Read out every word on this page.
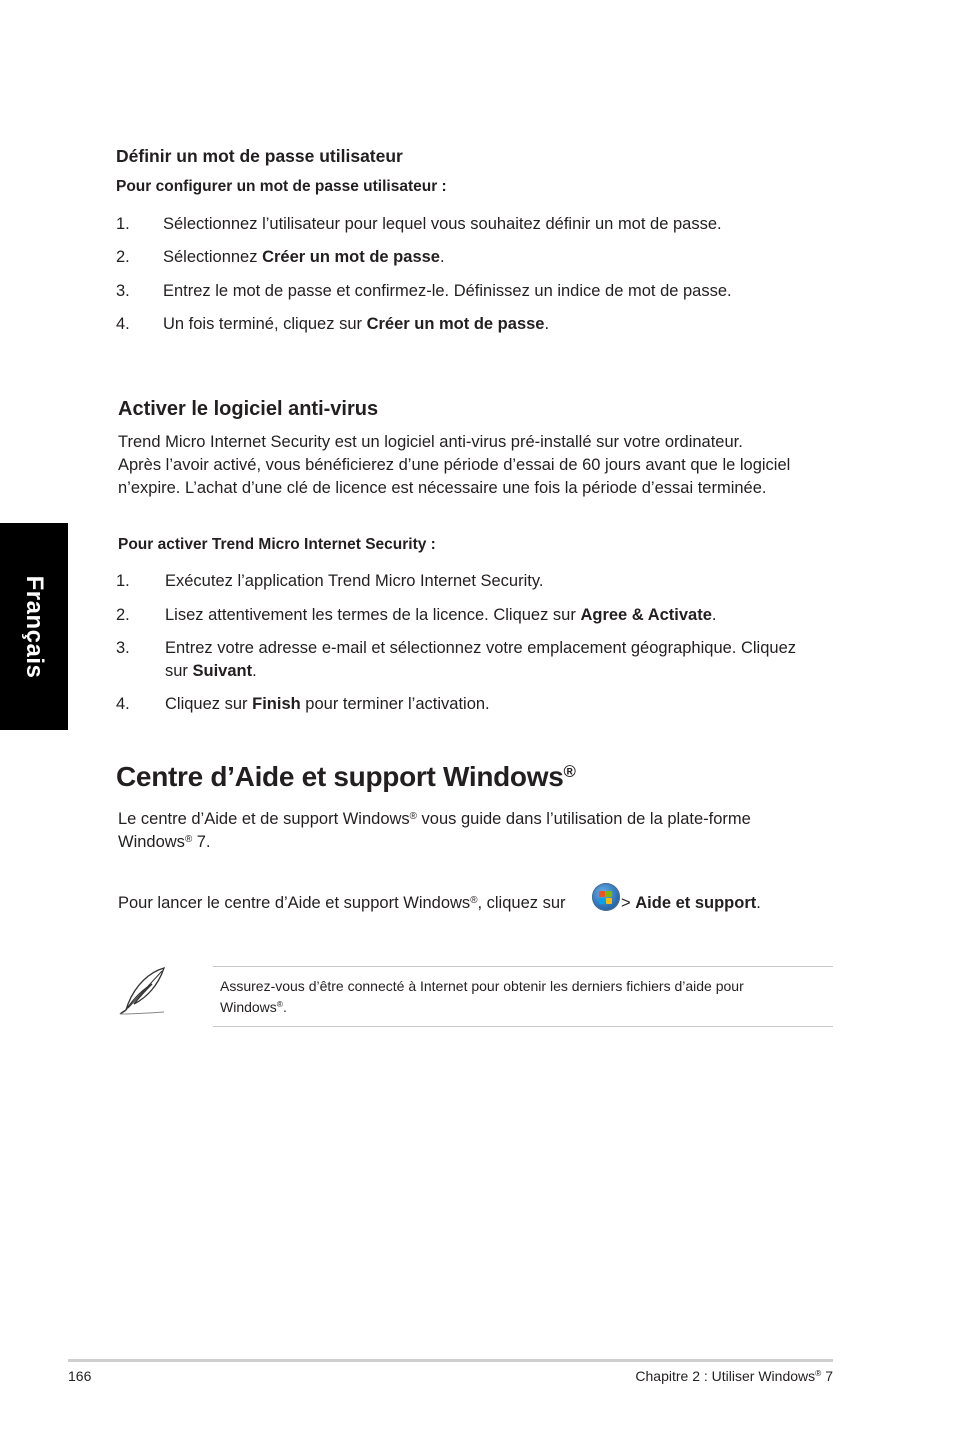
Définir un mot de passe utilisateur
Pour configurer un mot de passe utilisateur :
1. Sélectionnez l’utilisateur pour lequel vous souhaitez définir un mot de passe.
2. Sélectionnez Créer un mot de passe.
3. Entrez le mot de passe et confirmez-le. Définissez un indice de mot de passe.
4. Un fois terminé, cliquez sur Créer un mot de passe.
Activer le logiciel anti-virus
Trend Micro Internet Security est un logiciel anti-virus pré-installé sur votre ordinateur.
Après l’avoir activé, vous bénéficierez d’une période d’essai de 60 jours avant que le logiciel
n’expire. L’achat d’une clé de licence est nécessaire une fois la période d’essai terminée.
Pour activer Trend Micro Internet Security :
1. Exécutez l’application Trend Micro Internet Security.
2. Lisez attentivement les termes de la licence. Cliquez sur Agree & Activate.
3. Entrez votre adresse e-mail et sélectionnez votre emplacement géographique. Cliquez
sur Suivant.
4. Cliquez sur Finish pour terminer l’activation.
Français
Centre d’Aide et support Windows®
Le centre d’Aide et de support Windows® vous guide dans l’utilisation de la plate-forme
Windows® 7.
Pour lancer le centre d’Aide et support Windows®, cliquez sur	> Aide et support.
Assurez-vous d’être connecté à Internet pour obtenir les derniers fichiers d’aide pour
Windows®.
166	Chapitre 2 : Utiliser Windows® 7
